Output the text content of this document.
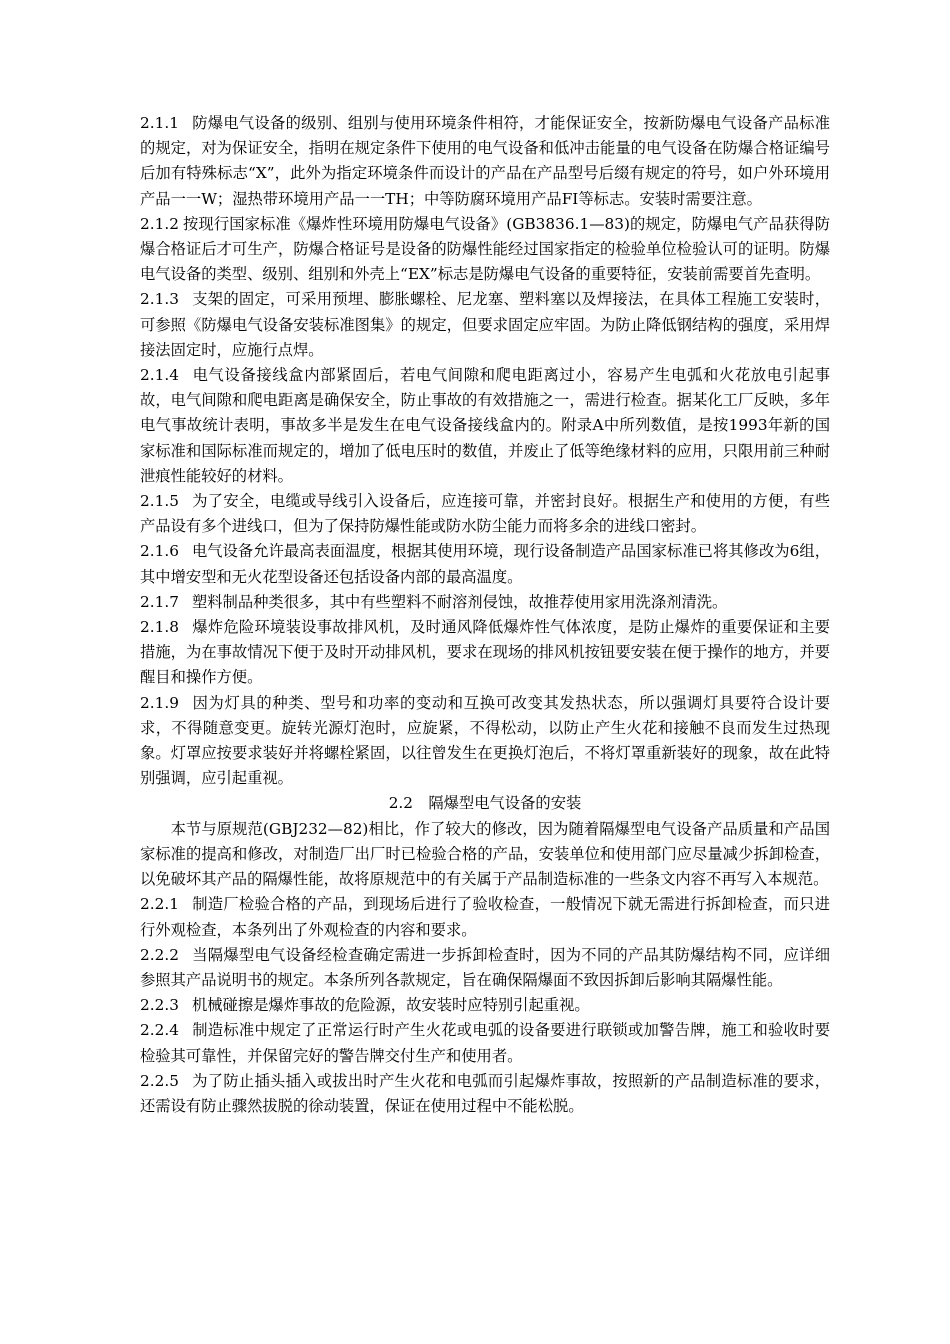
2.1.1 防爆电气设备的级别、组别与使用环境条件相符，才能保证安全，按新防爆电气设备产品标准的规定，对为保证安全，指明在规定条件下使用的电气设备和低冲击能量的电气设备在防爆合格证编号后加有特殊标志“X”，此外为指定环境条件而设计的产品在产品型号后缀有规定的符号，如户外环境用产品一一W；湿热带环境用产品一一TH；中等防腐环境用产品FI等标志。安装时需要注意。

2.1.2 按现行国家标准《爆炸性环境用防爆电气设备》(GB3836.1—83)的规定，防爆电气产品获得防爆合格证后才可生产，防爆合格证号是设备的防爆性能经过国家指定的检验单位检验认可的证明。防爆电气设备的类型、级别、组别和外壳上“EX”标志是防爆电气设备的重要特征，安装前需要首先查明。

2.1.3 支架的固定，可采用预埋、膨胀螺栓、尼龙塞、塑料塞以及焊接法，在具体工程施工安装时，可参照《防爆电气设备安装标准图集》的规定，但要求固定应牢固。为防止降低钢结构的强度，采用焊接法固定时，应施行点焊。

2.1.4 电气设备接线盒内部紧固后，若电气间隙和爬电距离过小，容易产生电弧和火花放电引起事故，电气间隙和爬电距离是确保安全，防止事故的有效措施之一，需进行检查。据某化工厂反映，多年电气事故统计表明，事故多半是发生在电气设备接线盒内的。附录A中所列数值，是按1993年新的国家标准和国际标准而规定的，增加了低电压时的数值，并废止了低等绝缘材料的应用，只限用前三种耐泄痕性能较好的材料。

2.1.5 为了安全，电缆或导线引入设备后，应连接可靠，并密封良好。根据生产和使用的方便，有些产品设有多个进线口，但为了保持防爆性能或防水防尘能力而将多余的进线口密封。

2.1.6 电气设备允许最高表面温度，根据其使用环境，现行设备制造产品国家标准已将其修改为6组，其中增安型和无火花型设备还包括设备内部的最高温度。

2.1.7 塑料制品种类很多，其中有些塑料不耐溶剂侵蚀，故推荐使用家用洗涤剂清洗。

2.1.8 爆炸危险环境装设事故排风机，及时通风降低爆炸性气体浓度，是防止爆炸的重要保证和主要措施，为在事故情况下便于及时开动排风机，要求在现场的排风机按钮要安装在便于操作的地方，并要醒目和操作方便。

2.1.9 因为灯具的种类、型号和功率的变动和互换可改变其发热状态，所以强调灯具要符合设计要求，不得随意变更。旋转光源灯泡时，应旋紧，不得松动，以防止产生火花和接触不良而发生过热现象。灯罩应按要求装好并将螺栓紧固，以往曾发生在更换灯泡后，不将灯罩重新装好的现象，故在此特别强调，应引起重视。

2.2　隔爆型电气设备的安装

本节与原规范(GBJ232—82)相比，作了较大的修改，因为随着隔爆型电气设备产品质量和产品国家标准的提高和修改，对制造厂出厂时已检验合格的产品，安装单位和使用部门应尽量减少拆卸检查，以免破坏其产品的隔爆性能，故将原规范中的有关属于产品制造标准的一些条文内容不再写入本规范。

2.2.1 制造厂检验合格的产品，到现场后进行了验收检查，一般情况下就无需进行拆卸检查，而只进行外观检查，本条列出了外观检查的内容和要求。

2.2.2 当隔爆型电气设备经检查确定需进一步拆卸检查时，因为不同的产品其防爆结构不同，应详细参照其产品说明书的规定。本条所列各款规定，旨在确保隔爆面不致因拆卸后影响其隔爆性能。

2.2.3 机械碰擦是爆炸事故的危险源，故安装时应特别引起重视。

2.2.4 制造标准中规定了正常运行时产生火花或电弧的设备要进行联锁或加警告牌，施工和验收时要检验其可靠性，并保留完好的警告牌交付生产和使用者。

2.2.5 为了防止插头插入或拔出时产生火花和电弧而引起爆炸事故，按照新的产品制造标准的要求，还需设有防止骤然拔脱的徐动装置，保证在使用过程中不能松脱。
